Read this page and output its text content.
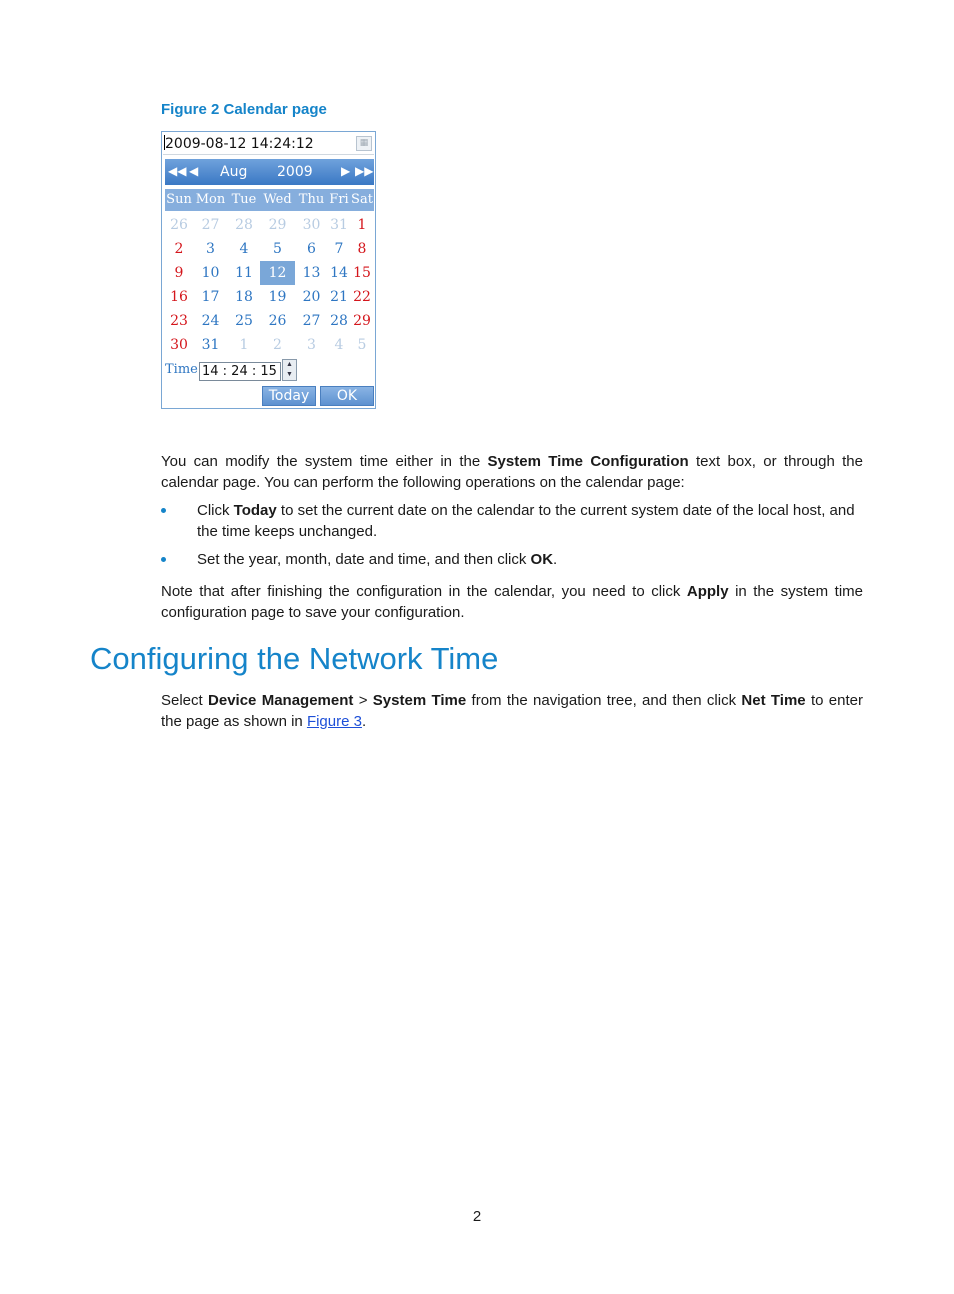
Figure 2 Calendar page
2009-08-12 14:24:12	▦
◀◀ ◀ Aug 2009 ▶ ▶▶
Sun Mon Tue Wed Thu Fri Sat
26 27	28	29	30 31 1
2	3	4	5	6	7	8
9	10	11	12	13 14 15
16 17	18	19	20 21 22
23 24	25	26	27 28 29
30 31	1	2	3	4	5
Time 14 : 24 : 15	▲
▼
Today	OK
You can modify the system time either in the System Time Configuration text box, or through the calendar page. You can perform the following operations on the calendar page:
Click Today to set the current date on the calendar to the current system date of the local host, and the time keeps unchanged.
Set the year, month, date and time, and then click OK.
Note that after finishing the configuration in the calendar, you need to click Apply in the system time configuration page to save your configuration.
Configuring the Network Time
Select Device Management > System Time from the navigation tree, and then click Net Time to enter the page as shown in Figure 3.
2
